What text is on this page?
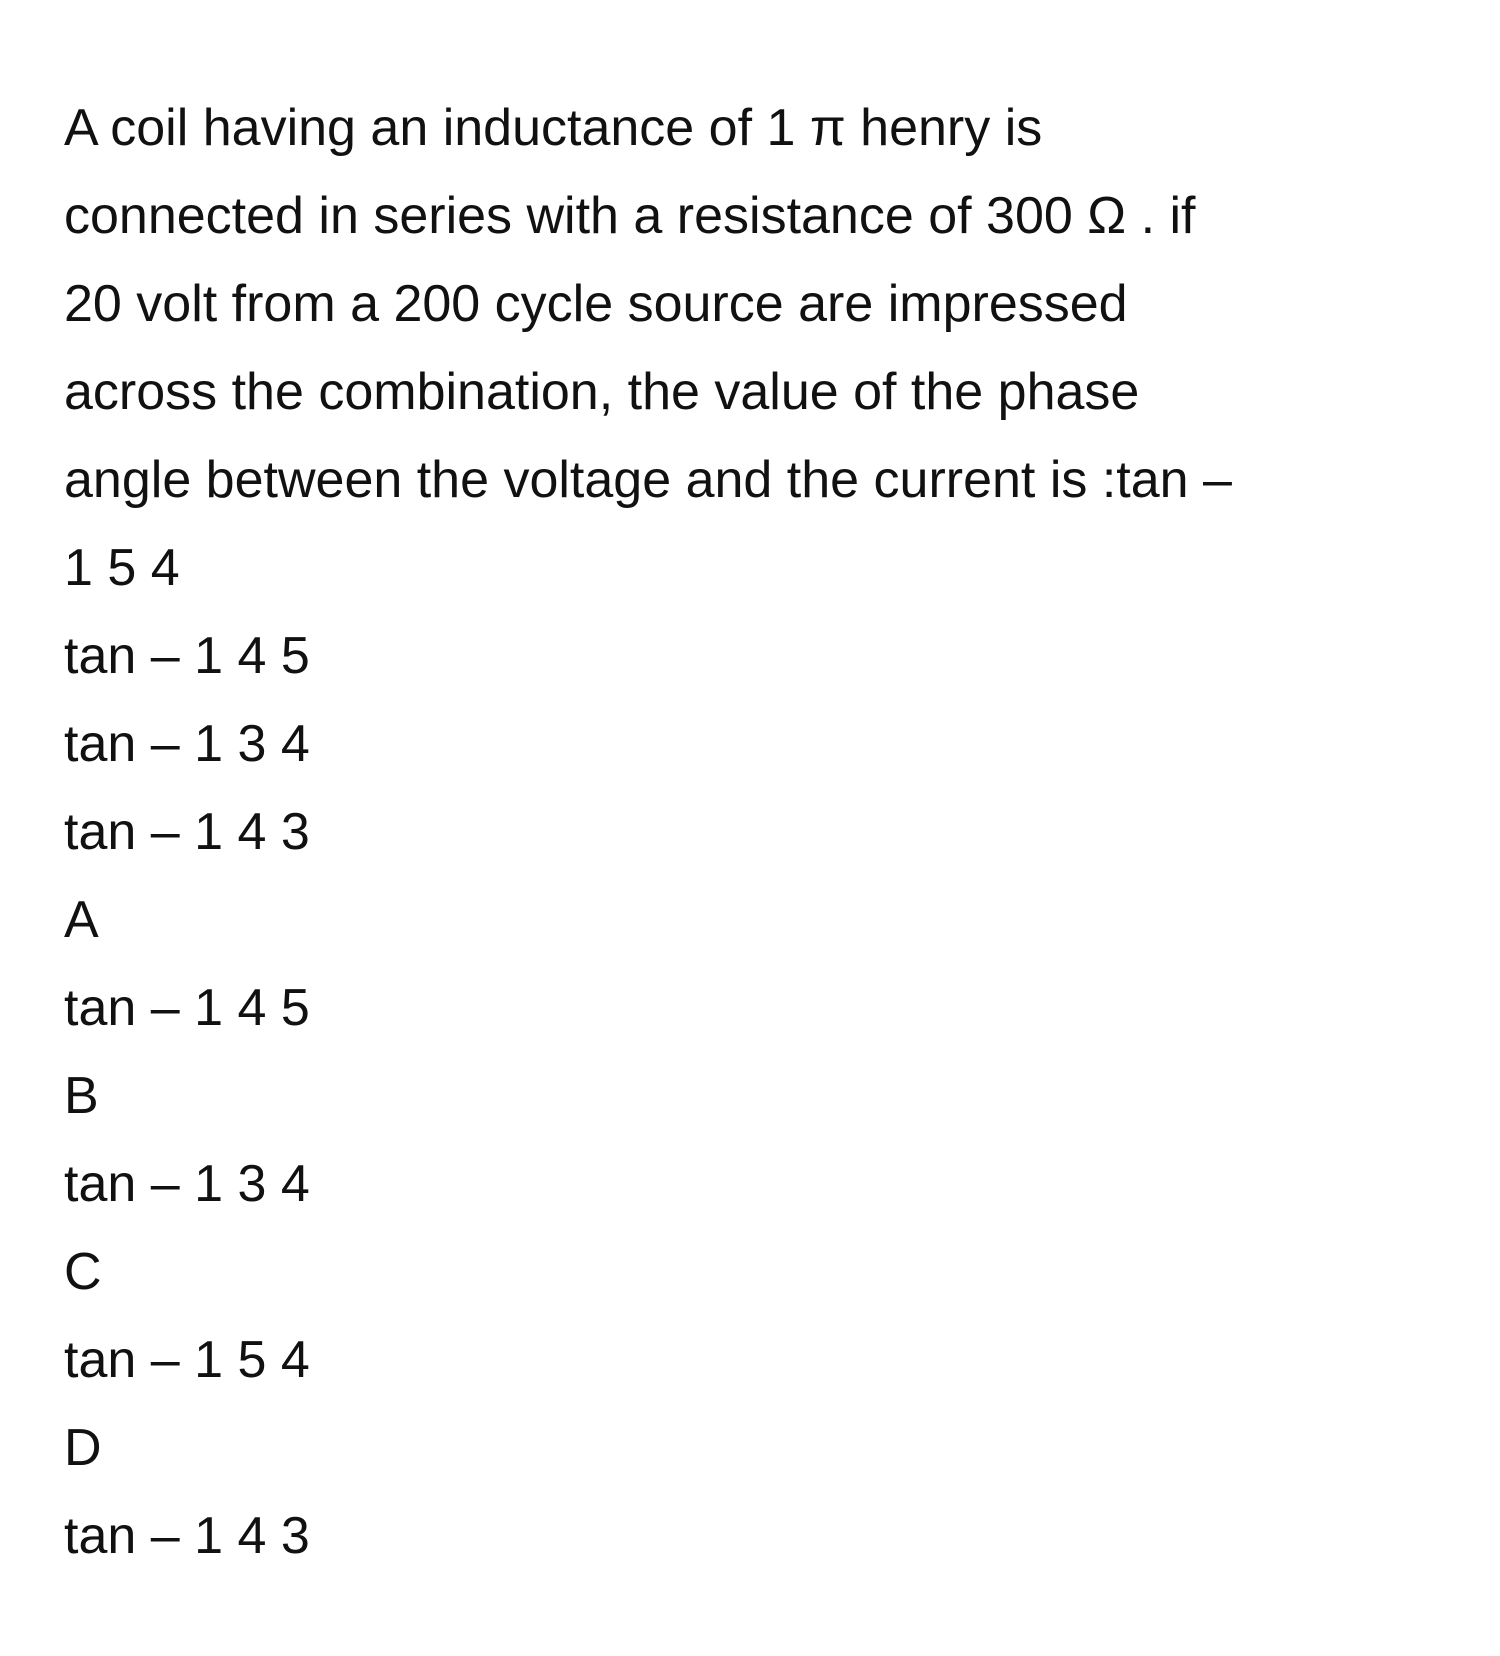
A coil having an inductance of 1 π henry is
connected in series with a resistance of 300 Ω . if
20 volt from a 200 cycle source are impressed
across the combination, the value of the phase
angle between the voltage and the current is :tan –
1 5 4
tan – 1 4 5
tan – 1 3 4
tan – 1 4 3
A
tan – 1 4 5
B
tan – 1 3 4
C
tan – 1 5 4
D
tan – 1 4 3
